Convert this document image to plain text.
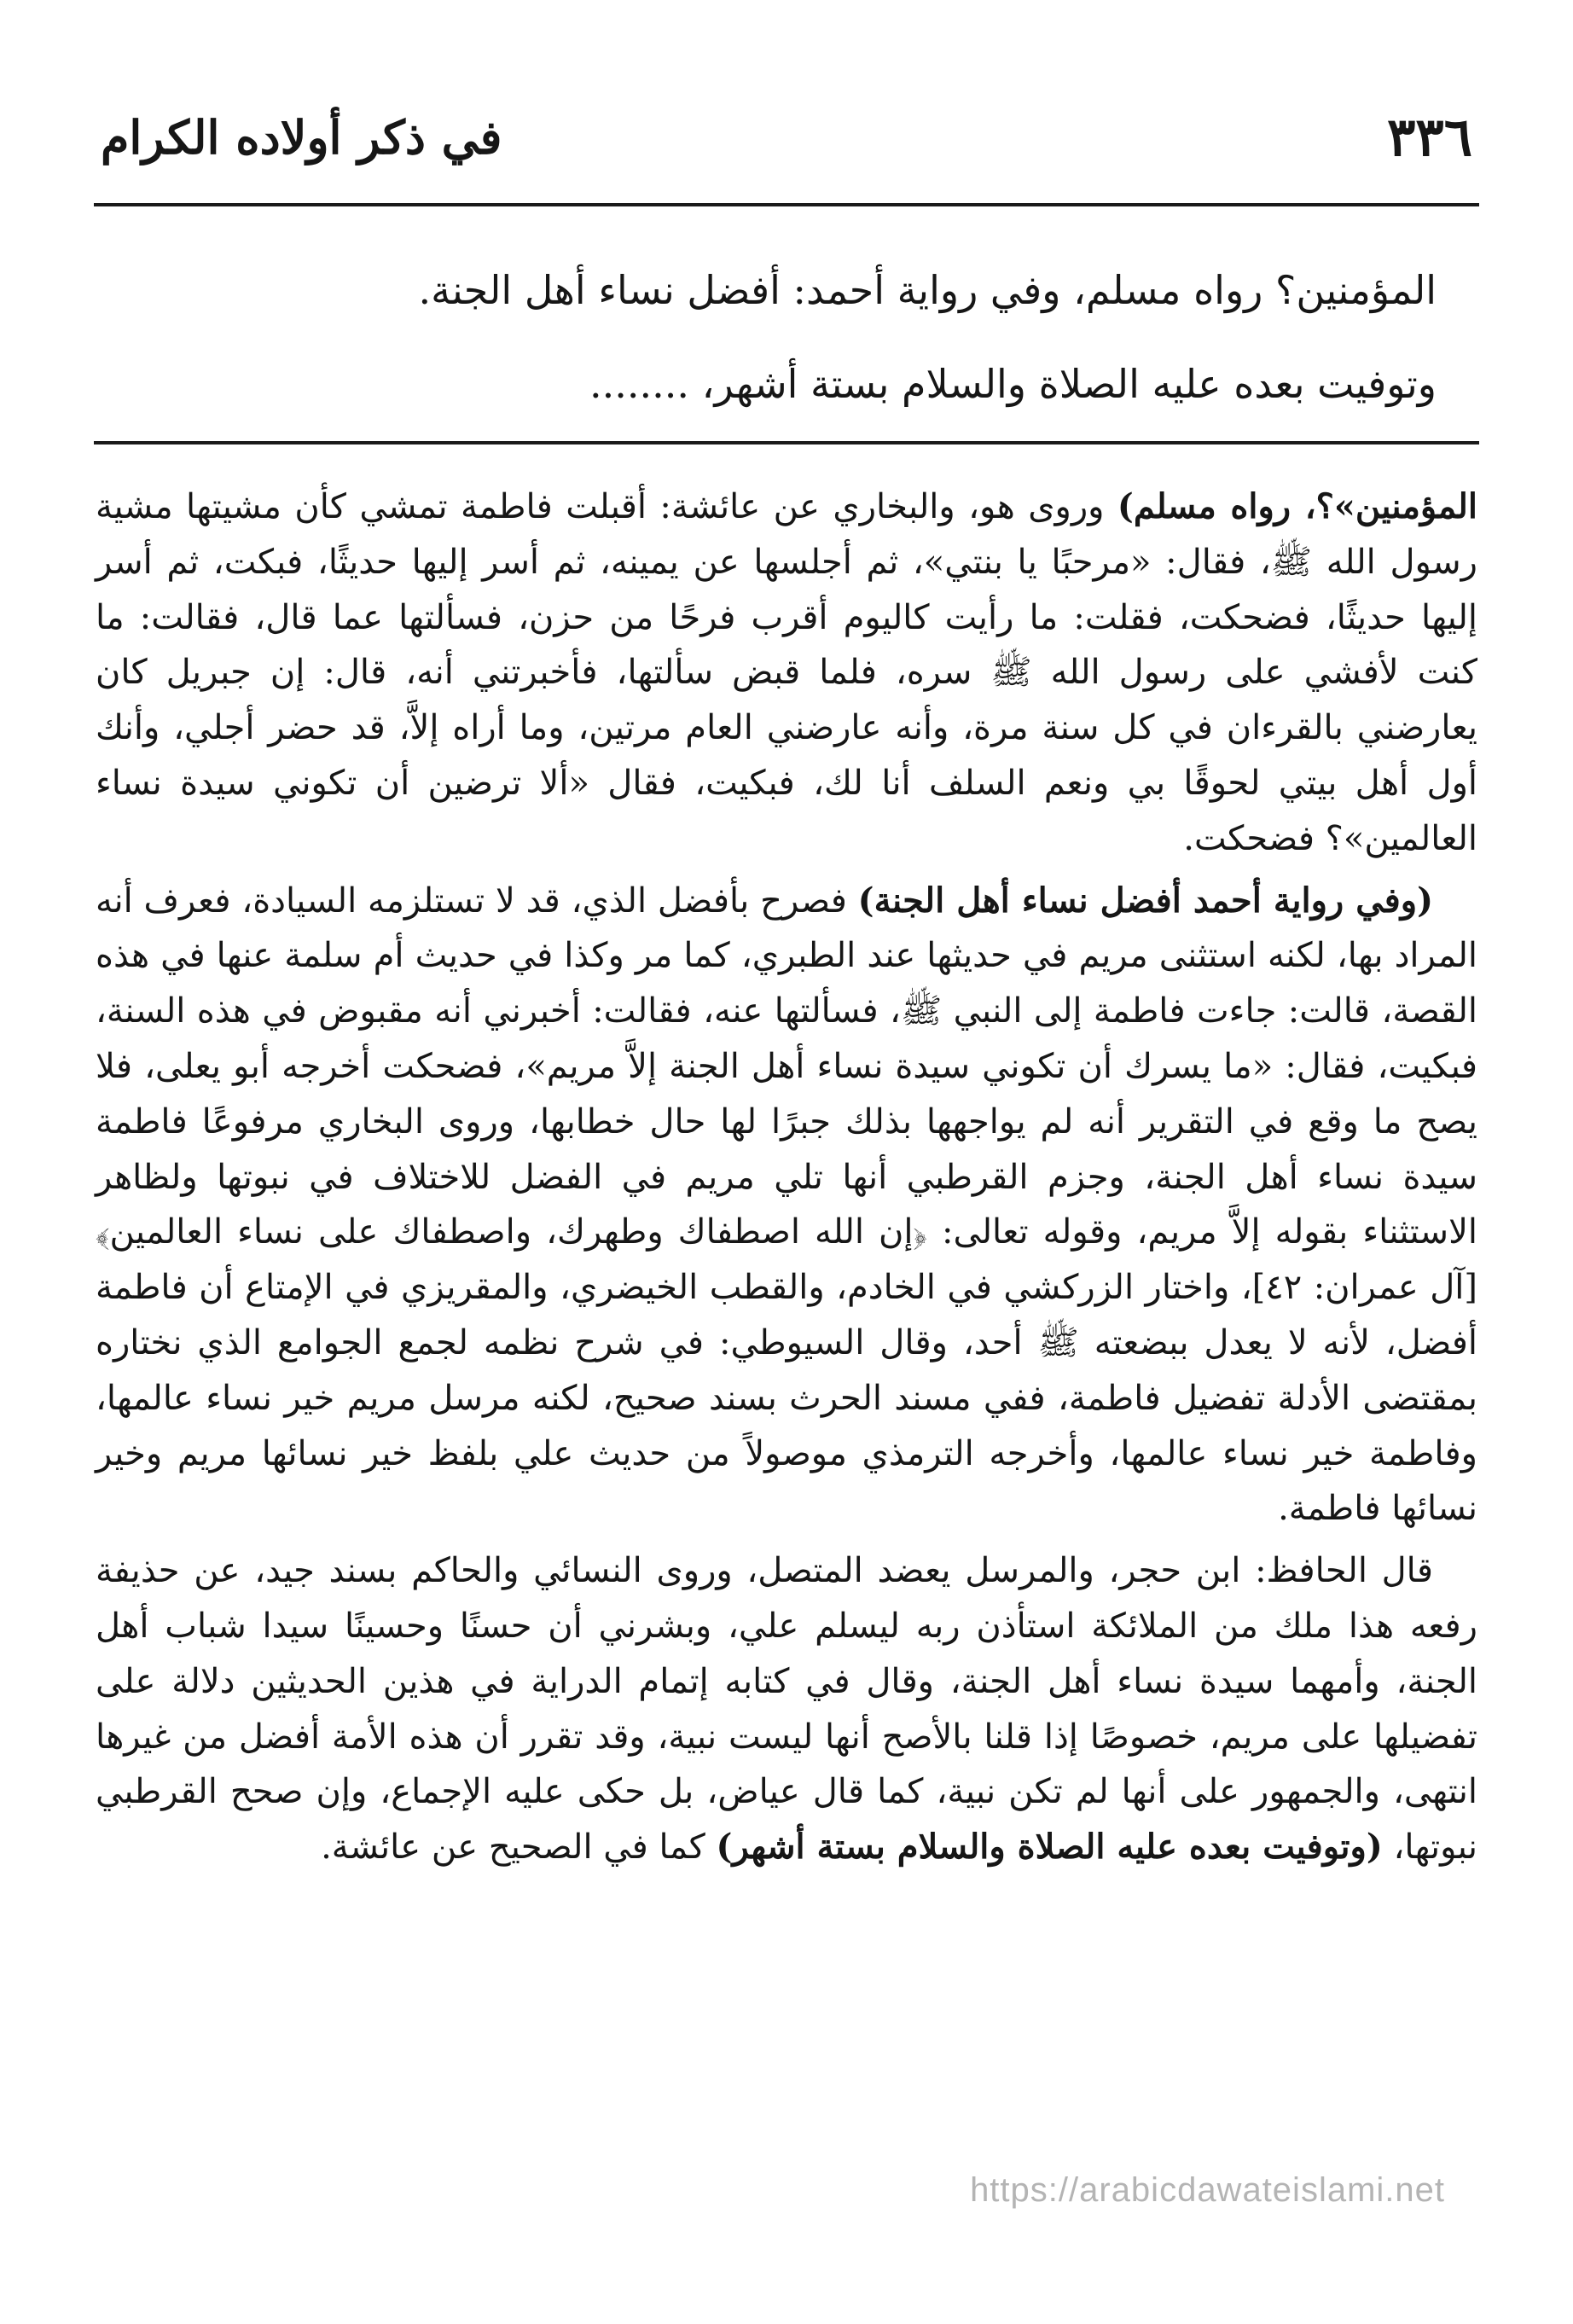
٣٣٦
في ذكر أولاده الكرام

المؤمنين؟ رواه مسلم، وفي رواية أحمد: أفضل نساء أهل الجنة.

وتوفيت بعده عليه الصلاة والسلام بستة أشهر، ........

المؤمنين»؟، رواه مسلم) وروى هو، والبخاري عن عائشة: أقبلت فاطمة تمشي كأن مشيتها مشية رسول الله ﷺ، فقال: «مرحبًا يا بنتي»، ثم أجلسها عن يمينه، ثم أسر إليها حديثًا، فبكت، ثم أسر إليها حديثًا، فضحكت، فقلت: ما رأيت كاليوم أقرب فرحًا من حزن، فسألتها عما قال، فقالت: ما كنت لأفشي على رسول الله ﷺ سره، فلما قبض سألتها، فأخبرتني أنه، قال: إن جبريل كان يعارضني بالقرءان في كل سنة مرة، وأنه عارضني العام مرتين، وما أراه إلاَّ، قد حضر أجلي، وأنك أول أهل بيتي لحوقًا بي ونعم السلف أنا لك، فبكيت، فقال «ألا ترضين أن تكوني سيدة نساء العالمين»؟ فضحكت.

(وفي رواية أحمد أفضل نساء أهل الجنة) فصرح بأفضل الذي، قد لا تستلزمه السيادة، فعرف أنه المراد بها، لكنه استثنى مريم في حديثها عند الطبري، كما مر وكذا في حديث أم سلمة عنها في هذه القصة، قالت: جاءت فاطمة إلى النبي ﷺ، فسألتها عنه، فقالت: أخبرني أنه مقبوض في هذه السنة، فبكيت، فقال: «ما يسرك أن تكوني سيدة نساء أهل الجنة إلاَّ مريم»، فضحكت أخرجه أبو يعلى، فلا يصح ما وقع في التقرير أنه لم يواجهها بذلك جبرًا لها حال خطابها، وروى البخاري مرفوعًا فاطمة سيدة نساء أهل الجنة، وجزم القرطبي أنها تلي مريم في الفضل للاختلاف في نبوتها ولظاهر الاستثناء بقوله إلاَّ مريم، وقوله تعالى: ﴿إن الله اصطفاك وطهرك، واصطفاك على نساء العالمين﴾ [آل عمران: ٤٢]، واختار الزركشي في الخادم، والقطب الخيضري، والمقريزي في الإمتاع أن فاطمة أفضل، لأنه لا يعدل ببضعته ﷺ أحد، وقال السيوطي: في شرح نظمه لجمع الجوامع الذي نختاره بمقتضى الأدلة تفضيل فاطمة، ففي مسند الحرث بسند صحيح، لكنه مرسل مريم خير نساء عالمها، وفاطمة خير نساء عالمها، وأخرجه الترمذي موصولاً من حديث علي بلفظ خير نسائها مريم وخير نسائها فاطمة.

قال الحافظ: ابن حجر، والمرسل يعضد المتصل، وروى النسائي والحاكم بسند جيد، عن حذيفة رفعه هذا ملك من الملائكة استأذن ربه ليسلم علي، وبشرني أن حسنًا وحسينًا سيدا شباب أهل الجنة، وأمهما سيدة نساء أهل الجنة، وقال في كتابه إتمام الدراية في هذين الحديثين دلالة على تفضيلها على مريم، خصوصًا إذا قلنا بالأصح أنها ليست نبية، وقد تقرر أن هذه الأمة أفضل من غيرها انتهى، والجمهور على أنها لم تكن نبية، كما قال عياض، بل حكى عليه الإجماع، وإن صحح القرطبي نبوتها، (وتوفيت بعده عليه الصلاة والسلام بستة أشهر) كما في الصحيح عن عائشة.

https://arabicdawateislami.net
